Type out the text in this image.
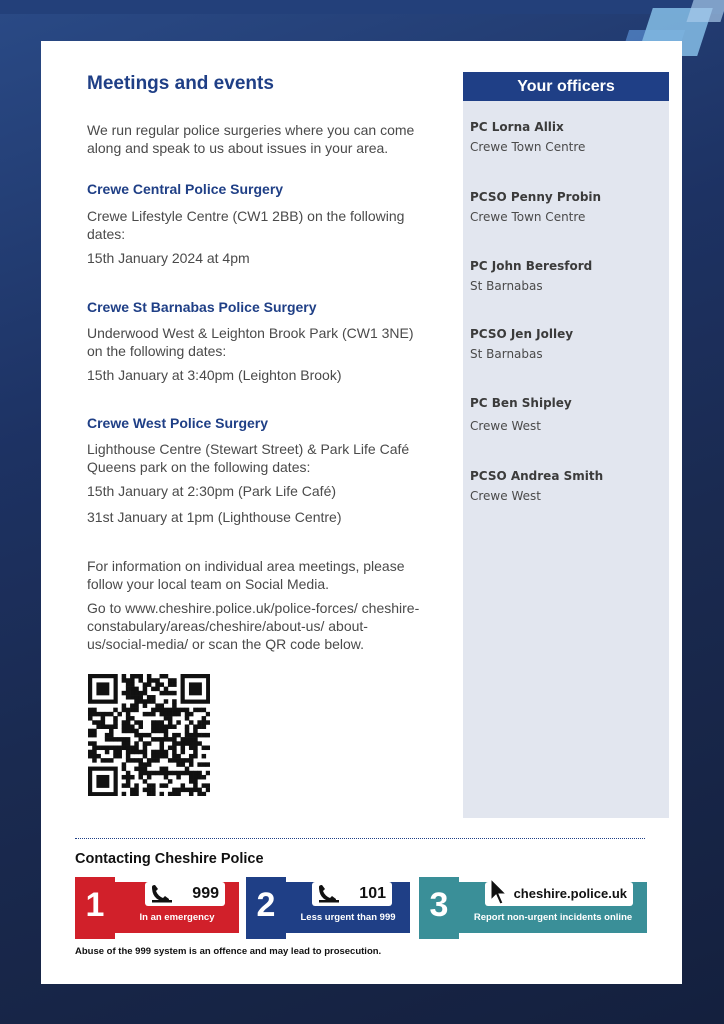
Meetings and events

We run regular police surgeries where you can come along and speak to us about issues in your area.

Crewe Central Police Surgery

Crewe Lifestyle Centre (CW1 2BB) on the following dates:

15th January 2024 at 4pm

Crewe St Barnabas Police Surgery

Underwood West & Leighton Brook Park (CW1 3NE) on the following dates:

15th January at 3:40pm (Leighton Brook)

Crewe West Police Surgery

Lighthouse Centre (Stewart Street) & Park Life Café Queens park on the following dates:

15th January at 2:30pm (Park Life Café)

31st January at 1pm (Lighthouse Centre)

For information on individual area meetings, please follow your local team on Social Media.

Go to www.cheshire.police.uk/police-forces/ cheshire-constabulary/areas/cheshire/about-us/ about-us/social-media/ or scan the QR code below.

Your officers
PC Lorna Allix
Crewe Town Centre
PCSO Penny Probin
Crewe Town Centre
PC John Beresford
St Barnabas
PCSO Jen Jolley
St Barnabas
PC Ben Shipley
Crewe West
PCSO Andrea Smith
Crewe West
Contacting Cheshire Police
1	999
In an emergency	2	101
Less urgent than 999	3	cheshire.police.uk
Report non-urgent incidents online
Abuse of the 999 system is an offence and may lead to prosecution.
